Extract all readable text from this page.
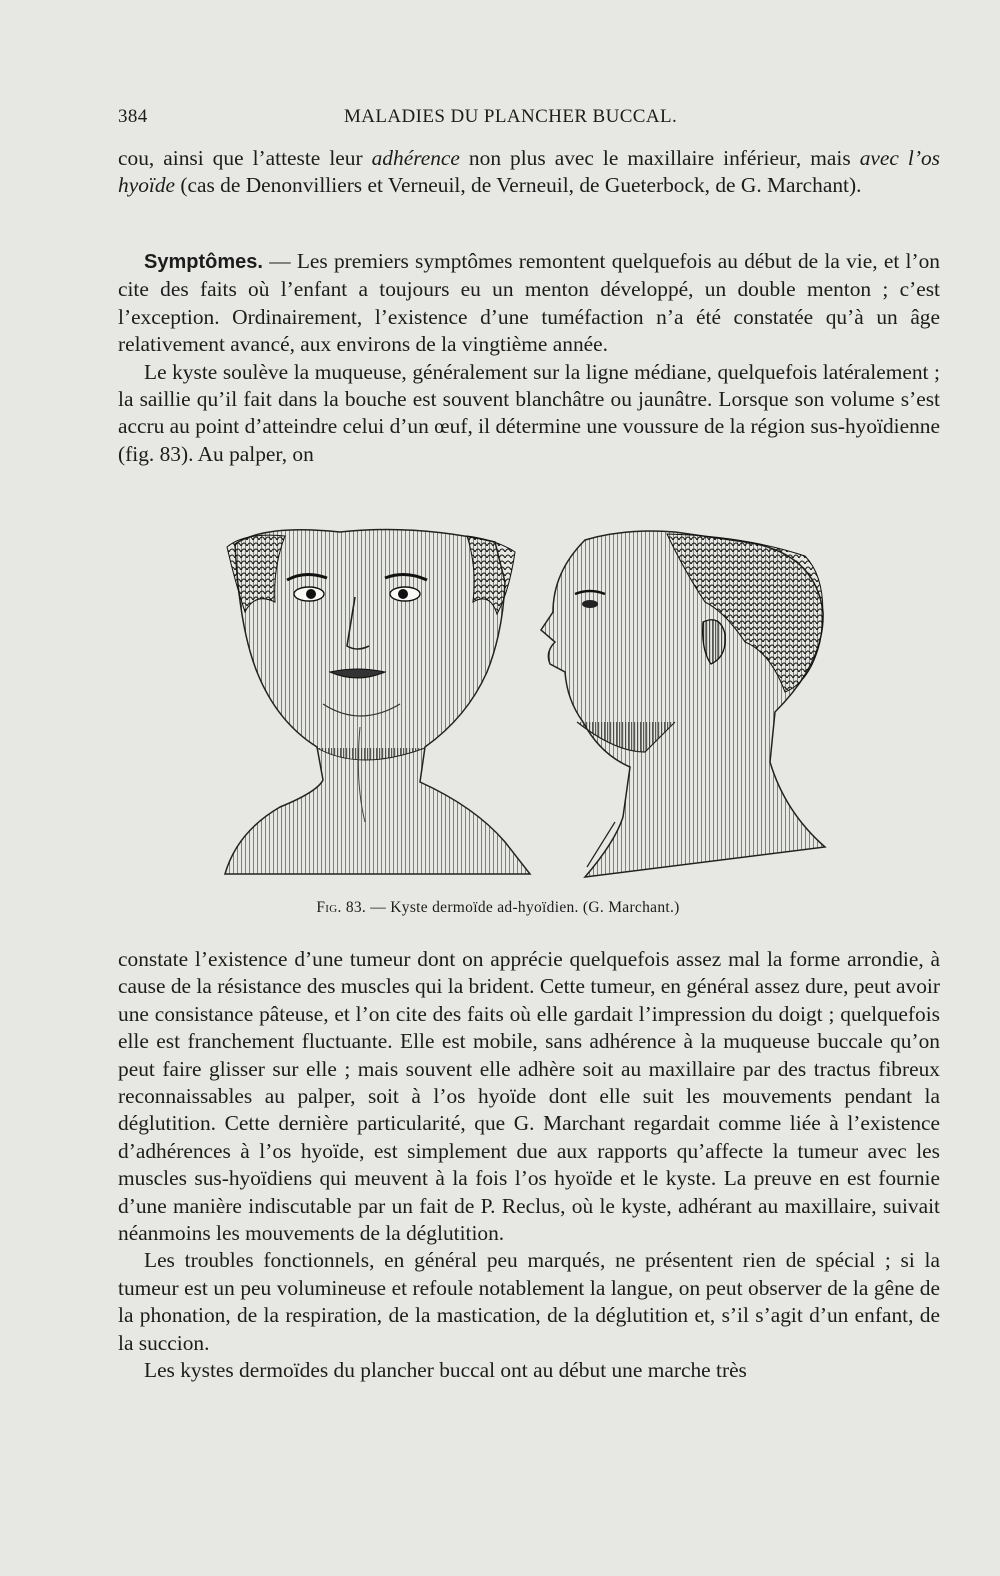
384	MALADIES DU PLANCHER BUCCAL.

cou, ainsi que l’atteste leur adhérence non plus avec le maxillaire inférieur, mais avec l’os hyoïde (cas de Denonvilliers et Verneuil, de Verneuil, de Gueterbock, de G. Marchant).

Symptômes. — Les premiers symptômes remontent quelquefois au début de la vie, et l’on cite des faits où l’enfant a toujours eu un menton développé, un double menton ; c’est l’exception. Ordinairement, l’existence d’une tuméfaction n’a été constatée qu’à un âge relativement avancé, aux environs de la vingtième année.

Le kyste soulève la muqueuse, généralement sur la ligne médiane, quelquefois latéralement ; la saillie qu’il fait dans la bouche est souvent blanchâtre ou jaunâtre. Lorsque son volume s’est accru au point d’atteindre celui d’un œuf, il détermine une voussure de la région sus-hyoïdienne (fig. 83). Au palper, on

Fig. 83. — Kyste dermoïde ad-hyoïdien. (G. Marchant.)

constate l’existence d’une tumeur dont on apprécie quelquefois assez mal la forme arrondie, à cause de la résistance des muscles qui la brident. Cette tumeur, en général assez dure, peut avoir une consistance pâteuse, et l’on cite des faits où elle gardait l’impression du doigt ; quelquefois elle est franchement fluctuante. Elle est mobile, sans adhérence à la muqueuse buccale qu’on peut faire glisser sur elle ; mais souvent elle adhère soit au maxillaire par des tractus fibreux reconnaissables au palper, soit à l’os hyoïde dont elle suit les mouvements pendant la déglutition. Cette dernière particularité, que G. Marchant regardait comme liée à l’existence d’adhérences à l’os hyoïde, est simplement due aux rapports qu’affecte la tumeur avec les muscles sus-hyoïdiens qui meuvent à la fois l’os hyoïde et le kyste. La preuve en est fournie d’une manière indiscutable par un fait de P. Reclus, où le kyste, adhérant au maxillaire, suivait néanmoins les mouvements de la déglutition.

Les troubles fonctionnels, en général peu marqués, ne présentent rien de spécial ; si la tumeur est un peu volumineuse et refoule notablement la langue, on peut observer de la gêne de la phonation, de la respiration, de la mastication, de la déglutition et, s’il s’agit d’un enfant, de la succion.

Les kystes dermoïdes du plancher buccal ont au début une marche très
